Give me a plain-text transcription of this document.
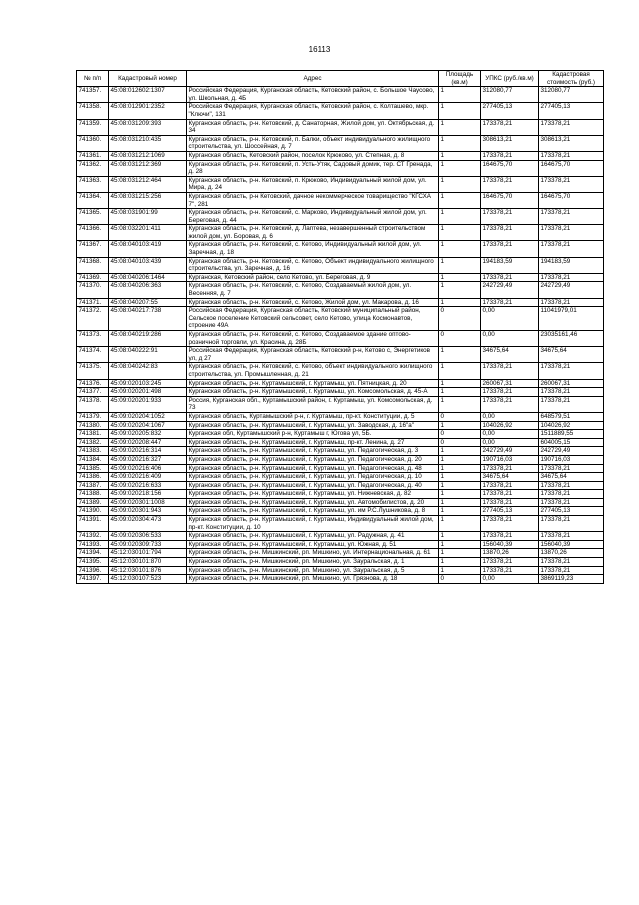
16113
№ п/п	Кадастровый номер	Адрес	Площадь (кв.м)	УПКС (руб./кв.м)	Кадастровая стоимость (руб.)
741357.	45:08:012602:1307	Российская Федерация, Курганская область, Кетовский район, с. Большое Чаусово, ул. Школьная, д. 4Б	1	312080,77	312080,77
741358.	45:08:012901:2352	Российская Федерация, Курганская область, Кетовский район, с. Колташево, мкр. "Ключи", 131	1	277405,13	277405,13
741359.	45:08:031209:393	Курганская область, р-н. Кетовский, д. Санаторная, Жилой дом, ул. Октябрьская, д. 34	1	173378,21	173378,21
741360.	45:08:031210:435	Курганская область, р-н. Кетовский, п. Балки, объект индивидуального жилищного строительства, ул. Шоссейная, д. 7	1	308613,21	308613,21
741361.	45:08:031212:1069	Курганская область, Кетовский район, поселок Крюково, ул. Степная, д. 8	1	173378,21	173378,21
741362.	45:08:031212:369	Курганская область, р-н. Кетовский, п. Усть-Утяк, Садовый домик, тер. СТ Гренада, д. 28	1	164675,70	164675,70
741363.	45:08:031212:464	Курганская область, р-н. Кетовский, п. Крюково, Индивидуальный жилой дом, ул. Мира, д. 24	1	173378,21	173378,21
741364.	45:08:031215:256	Курганская область, р-н Кетовский, дачное некоммерческое товарищество "КГСХА 7", 281	1	164675,70	164675,70
741365.	45:08:031901:99	Курганская область, р-н. Кетовский, с. Марково, Индивидуальный жилой дом, ул. Береговая, д. 44	1	173378,21	173378,21
741366.	45:08:032201:411	Курганская область, р-н. Кетовский, д. Лаптева, незавершенный строительством жилой дом, ул. Боровая, д. 6	1	173378,21	173378,21
741367.	45:08:040103:419	Курганская область, р-н. Кетовский, с. Кетово, Индивидуальный жилой дом, ул. Заречная, д. 18	1	173378,21	173378,21
741368.	45:08:040103:439	Курганская область, р-н. Кетовский, с. Кетово, Объект индивидуального жилищного строительства, ул. Заречная, д. 16	1	194183,59	194183,59
741369.	45:08:040206:1464	Курганская, Кетовский район, село Кетово, ул. Береговая, д. 9	1	173378,21	173378,21
741370.	45:08:040206:363	Курганская область, р-н. Кетовский, с. Кетово, Создаваемый жилой дом, ул. Весенняя, д. 7	1	242729,49	242729,49
741371.	45:08:040207:55	Курганская область, р-н. Кетовский, с. Кетово, Жилой дом, ул. Макарова, д. 16	1	173378,21	173378,21
741372.	45:08:040217:738	Российская Федерация, Курганская область, Кетовский муниципальный район, Сельское поселение Кетовский сельсовет, село Кетово, улица Космонавтов, строение 49А	0	0,00	11041979,01
741373.	45:08:040219:286	Курганская область, р-н. Кетовский, с. Кетово, Создаваемое здание оптово-розничной торговли, ул. Красина, д. 28Б	0	0,00	23035161,46
741374.	45:08:040222:91	Российская Федерация, Курганская область, Кетовский р-н, Кетово с, Энергетиков ул, д 27	1	34675,64	34675,64
741375.	45:08:040242:83	Курганская область, р-н. Кетовский, с. Кетово, объект индивидуального жилищного строительства, ул. Промышленная, д. 21	1	173378,21	173378,21
741376.	45:09:020103:245	Курганская область, р-н. Куртамышский, г. Куртамыш, ул. Пятницкая, д. 20	1	260067,31	260067,31
741377.	45:09:020201:498	Курганская область, р-н. Куртамышский, г. Куртамыш, ул. Комсомольская, д. 45-А	1	173378,21	173378,21
741378.	45:09:020201:933	Россия, Курганская обл., Куртамышский район, г. Куртамыш, ул. Комсомольская, д. 73	1	173378,21	173378,21
741379.	45:09:020204:1052	Курганская область, Куртамышский р-н, г. Куртамыш, пр-кт. Конституции, д. 5	0	0,00	648579,51
741380.	45:09:020204:1067	Курганская область, р-н. Куртамышский, г. Куртамыш, ул. Заводская, д. 16"а"	1	104026,92	104026,92
741381.	45:09:020205:832	Курганская обл, Куртамышский р-н, Куртамыш г, Югова ул, 5Б.	0	0,00	1511889,55
741382.	45:09:020208:447	Курганская область, р-н. Куртамышский, г. Куртамыш, пр-кт. Ленина, д. 27	0	0,00	604005,15
741383.	45:09:020216:314	Курганская область, р-н. Куртамышский, г. Куртамыш, ул. Педагогическая, д. 3	1	242729,49	242729,49
741384.	45:09:020216:327	Курганская область, р-н. Куртамышский, г. Куртамыш, ул. Педагогическая, д. 20	1	190716,03	190716,03
741385.	45:09:020216:406	Курганская область, р-н. Куртамышский, г. Куртамыш, ул. Педагогическая, д. 48	1	173378,21	173378,21
741386.	45:09:020216:409	Курганская область, р-н. Куртамышский, г. Куртамыш, ул. Педагогическая, д. 10	1	34675,64	34675,64
741387.	45:09:020216:633	Курганская область, р-н. Куртамышский, г. Куртамыш, ул. Педагогическая, д. 40	1	173378,21	173378,21
741388.	45:09:020218:156	Курганская область, р-н. Куртамышский, г. Куртамыш, ул. Нижневская, д. 82	1	173378,21	173378,21
741389.	45:09:020301:1008	Курганская область, р-н. Куртамышский, г. Куртамыш, ул. Автомобилистов, д. 20	1	173378,21	173378,21
741390.	45:09:020301:943	Курганская область, р-н. Куртамышский, г. Куртамыш, ул. им Р.С.Лушникова, д. 8	1	277405,13	277405,13
741391.	45:09:020304:473	Курганская область, р-н. Куртамышский, г. Куртамыш, Индивидуальный жилой дом, пр-кт. Конституции, д. 10	1	173378,21	173378,21
741392.	45:09:020306:533	Курганская область, р-н. Куртамышский, г. Куртамыш, ул. Радужная, д. 41	1	173378,21	173378,21
741393.	45:09:020309:733	Курганская область, р-н. Куртамышский, г. Куртамыш, ул. Южная, д. 51	1	156040,39	156040,39
741394.	45:12:030101:794	Курганская область, р-н. Мишкинский, рп. Мишкино, ул. Интернациональная, д. 61	1	13870,26	13870,26
741395.	45:12:030101:870	Курганская область, р-н. Мишкинский, рп. Мишкино, ул. Зауральская, д. 1	1	173378,21	173378,21
741396.	45:12:030101:876	Курганская область, р-н. Мишкинский, рп. Мишкино, ул. Зауральская, д. 5	1	173378,21	173378,21
741397.	45:12:030107:523	Курганская область, р-н. Мишкинский, рп. Мишкино, ул. Грязнова, д. 18	0	0,00	3869119,23
